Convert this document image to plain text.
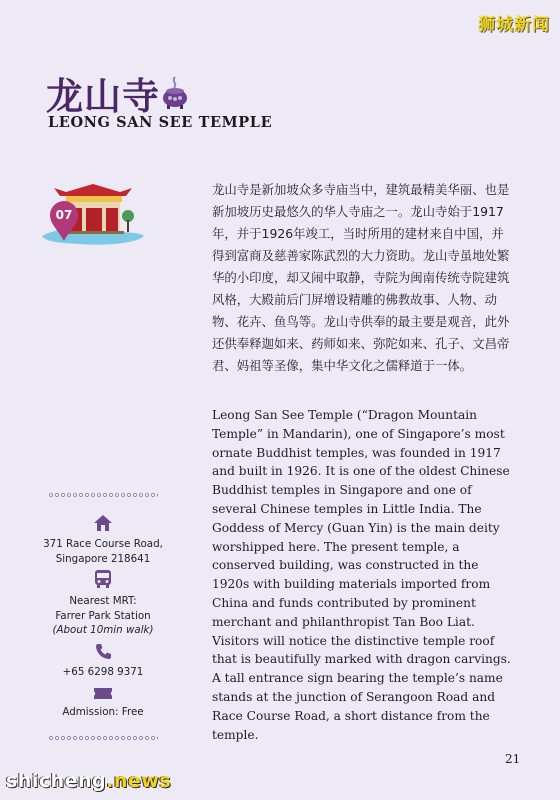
狮城新闻
龙山寺
LEONG SAN SEE TEMPLE
07

龙山寺是新加坡众多寺庙当中，建筑最精美华丽、也是新加坡历史最悠久的华人寺庙之一。龙山寺始于1917年，并于1926年竣工，当时所用的建材来自中国，并得到富商及慈善家陈武烈的大力资助。龙山寺虽地处繁华的小印度，却又闹中取静，寺院为闽南传统寺院建筑风格，大殿前后门屏增设精雕的佛教故事、人物、动物、花卉、鱼鸟等。龙山寺供奉的最主要是观音，此外还供奉释迦如来、药师如来、弥陀如来、孔子、文昌帝君、妈祖等圣像，集中华文化之儒释道于一体。

Leong San See Temple (“Dragon Mountain Temple” in Mandarin), one of Singapore’s most ornate Buddhist temples, was founded in 1917 and built in 1926. It is one of the oldest Chinese Buddhist temples in Singapore and one of several Chinese temples in Little India. The Goddess of Mercy (Guan Yin) is the main deity worshipped here. The present temple, a conserved building, was constructed in the 1920s with building materials imported from China and funds contributed by prominent merchant and philanthropist Tan Boo Liat. Visitors will notice the distinctive temple roof that is beautifully marked with dragon carvings. A tall entrance sign bearing the temple’s name stands at the junction of Serangoon Road and Race Course Road, a short distance from the temple.

371 Race Course Road,
Singapore 218641
Nearest MRT:
Farrer Park Station
(About 10min walk)
+65 6298 9371
Admission: Free
21
shicheng.news
